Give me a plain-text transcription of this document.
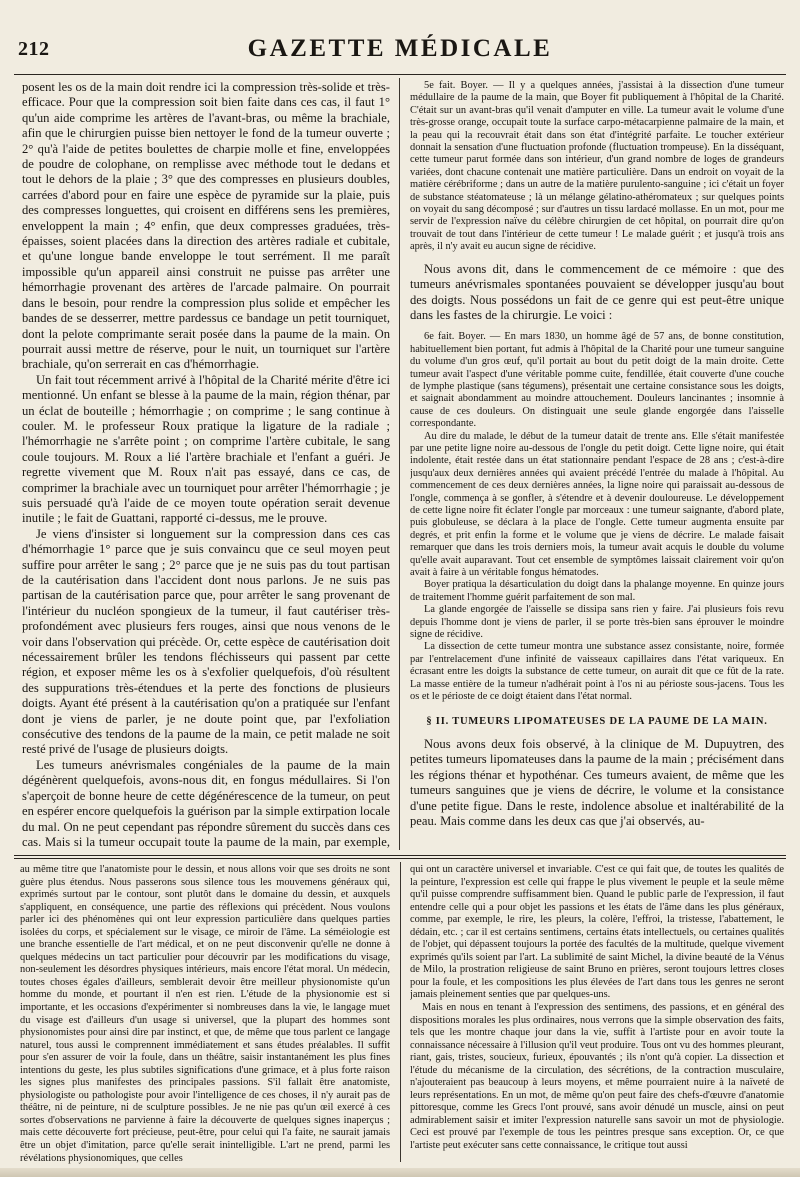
212	GAZETTE MÉDICALE

posent les os de la main doit rendre ici la compression très-solide et très-efficace. Pour que la compression soit bien faite dans ces cas, il faut 1° qu'un aide comprime les artères de l'avant-bras, ou même la brachiale, afin que le chirurgien puisse bien nettoyer le fond de la tumeur ouverte ; 2° qu'à l'aide de petites boulettes de charpie molle et fine, enveloppées de poudre de colophane, on remplisse avec méthode tout le dedans et tout le dehors de la plaie ; 3° que des compresses en plusieurs doubles, carrées d'abord pour en faire une espèce de pyramide sur la plaie, puis des compresses longuettes, qui croisent en différens sens les premières, enveloppent la main ; 4° enfin, que deux compresses graduées, très-épaisses, soient placées dans la direction des artères radiale et cubitale, et qu'une longue bande enveloppe le tout serrément. Il me paraît impossible qu'un appareil ainsi construit ne puisse pas arrêter une hémorrhagie provenant des artères de l'arcade palmaire. On pourrait dans le besoin, pour rendre la compression plus solide et empêcher les bandes de se desserrer, mettre pardessus ce bandage un petit tourniquet, dont la pelote comprimante serait posée dans la paume de la main. On pourrait aussi mettre de réserve, pour le nuit, un tourniquet sur l'artère brachiale, qu'on serrerait en cas d'hémorrhagie.

Un fait tout récemment arrivé à l'hôpital de la Charité mérite d'être ici mentionné. Un enfant se blesse à la paume de la main, région thénar, par un éclat de bouteille ; hémorrhagie ; on comprime ; le sang continue à couler. M. le professeur Roux pratique la ligature de la radiale ; l'hémorrhagie ne s'arrête point ; on comprime l'artère cubitale, le sang coule toujours. M. Roux a lié l'artère brachiale et l'enfant a guéri. Je regrette vivement que M. Roux n'ait pas essayé, dans ce cas, de comprimer la brachiale avec un tourniquet pour arrêter l'hémorrhagie ; je suis persuadé qu'à l'aide de ce moyen toute opération serait devenue inutile ; le fait de Guattani, rapporté ci-dessus, me le prouve.

Je viens d'insister si longuement sur la compression dans ces cas d'hémorrhagie 1° parce que je suis convaincu que ce seul moyen peut suffire pour arrêter le sang ; 2° parce que je ne suis pas du tout partisan de la cautérisation dans l'accident dont nous parlons. Je ne suis pas partisan de la cautérisation parce que, pour arrêter le sang provenant de l'intérieur du nucléon spongieux de la tumeur, il faut cautériser très-profondément avec plusieurs fers rouges, ainsi que nous venons de le voir dans l'observation qui précède. Or, cette espèce de cautérisation doit nécessairement brûler les tendons fléchisseurs qui passent par cette région, et exposer même les os à s'exfolier quelquefois, d'où résultent des suppurations très-étendues et la perte des fonctions de plusieurs doigts. Ayant été présent à la cautérisation qu'on a pratiquée sur l'enfant dont je viens de parler, je ne doute point que, par l'exfoliation consécutive des tendons de la paume de la main, ce petit malade ne soit resté privé de l'usage de plusieurs doigts.

Les tumeurs anévrismales congéniales de la paume de la main dégénèrent quelquefois, avons-nous dit, en fongus médullaires. Si l'on s'aperçoit de bonne heure de cette dégénérescence de la tumeur, on peut en espérer encore quelquefois la guérison par la simple extirpation locale du mal. On ne peut cependant pas répondre sûrement du succès dans ces cas. Mais si la tumeur occupait toute la paume de la main, par exemple,

5e fait. Boyer. — Il y a quelques années, j'assistai à la dissection d'une tumeur médullaire de la paume de la main, que Boyer fit publiquement à l'hôpital de la Charité. C'était sur un avant-bras qu'il venait d'amputer en ville. La tumeur avait le volume d'une très-grosse orange, occupait toute la surface carpo-métacarpienne palmaire de la main, et la peau qui la recouvrait était dans son état d'intégrité parfaite. Le toucher extérieur donnait la sensation d'une fluctuation profonde (fluctuation trompeuse). En la disséquant, cette tumeur parut formée dans son intérieur, d'un grand nombre de loges de grandeurs variées, dont chacune contenait une matière particulière. Dans un endroit on voyait de la matière cérébriforme ; dans un autre de la matière purulento-sanguine ; ici c'était un foyer de substance stéatomateuse ; là un mélange gélatino-athéromateux ; sur quelques points on voyait du sang décomposé ; sur d'autres un tissu lardacé mollasse. En un mot, pour me servir de l'expression naïve du célèbre chirurgien de cet hôpital, on pourrait dire qu'on trouvait de tout dans l'intérieur de cette tumeur ! Le malade guérit ; et jusqu'à trois ans après, il n'y avait eu aucun signe de récidive.

Nous avons dit, dans le commencement de ce mémoire : que des tumeurs anévrismales spontanées pouvaient se développer jusqu'au bout des doigts. Nous possédons un fait de ce genre qui est peut-être unique dans les fastes de la chirurgie. Le voici :

6e fait. Boyer. — En mars 1830, un homme âgé de 57 ans, de bonne constitution, habituellement bien portant, fut admis à l'hôpital de la Charité pour une tumeur sanguine du volume d'un gros œuf, qu'il portait au bout du petit doigt de la main droite. Cette tumeur avait l'aspect d'une véritable pomme cuite, fendillée, était couverte d'une couche de lymphe plastique (sans tégumens), présentait une certaine consistance sous les doigts, et saignait abondamment au moindre attouchement. Douleurs lancinantes ; insomnie à cause de ces douleurs. On distinguait une seule glande engorgée dans l'aisselle correspondante.

Au dire du malade, le début de la tumeur datait de trente ans. Elle s'était manifestée par une petite ligne noire au-dessous de l'ongle du petit doigt. Cette ligne noire, qui était indolente, était restée dans un état stationnaire pendant l'espace de 28 ans ; c'est-à-dire jusqu'aux deux dernières années qui avaient précédé l'entrée du malade à l'hôpital. Au commencement de ces deux dernières années, la ligne noire qui paraissait au-dessous de l'ongle, commença à se gonfler, à s'étendre et à devenir douloureuse. Le développement de cette ligne noire fit éclater l'ongle par morceaux : une tumeur saignante, d'abord plate, puis globuleuse, se déclara à la place de l'ongle. Cette tumeur augmenta ensuite par degrés, et prit enfin la forme et le volume que je viens de décrire. Le malade faisait remarquer que dans les trois derniers mois, la tumeur avait acquis le double du volume qu'elle avait auparavant. Tout cet ensemble de symptômes laissait clairement voir qu'on avait à faire à un véritable fongus hématodes.

Boyer pratiqua la désarticulation du doigt dans la phalange moyenne. En quinze jours de traitement l'homme guérit parfaitement de son mal.

La glande engorgée de l'aisselle se dissipa sans rien y faire. J'ai plusieurs fois revu depuis l'homme dont je viens de parler, il se porte très-bien sans éprouver le moindre signe de récidive.

La dissection de cette tumeur montra une substance assez consistante, noire, formée par l'entrelacement d'une infinité de vaisseaux capillaires dans l'état variqueux. En écrasant entre les doigts la substance de cette tumeur, on aurait dit que ce fût de la rate. La masse entière de la tumeur n'adhérait point à l'os ni au périoste sous-jacens. Tous les os et le périoste de ce doigt étaient dans l'état normal.

§ II. TUMEURS LIPOMATEUSES DE LA PAUME DE LA MAIN.

Nous avons deux fois observé, à la clinique de M. Dupuytren, des petites tumeurs lipomateuses dans la paume de la main ; précisément dans les régions thénar et hypothénar. Ces tumeurs avaient, de même que les tumeurs sanguines que je viens de décrire, le volume et la consistance d'une petite figue. Dans le reste, indolence absolue et inaltérabilité de la peau. Mais comme dans les deux cas que j'ai observés, au-

au même titre que l'anatomiste pour le dessin, et nous allons voir que ses droits ne sont guère plus étendus. Nous passerons sous silence tous les mouvemens généraux qui, exprimés surtout par le contour, sont plutôt dans le domaine du dessin, et auxquels s'appliquent, en conséquence, une partie des réflexions qui précèdent. Nous voulons parler ici des phénomènes qui ont leur expression particulière dans quelques parties isolées du corps, et spécialement sur le visage, ce miroir de l'âme. La séméiologie est une branche essentielle de l'art médical, et on ne peut disconvenir qu'elle ne donne à quelques médecins un tact particulier pour découvrir par les modifications du visage, non-seulement les désordres physiques intérieurs, mais encore l'état moral. Un médecin, toutes choses égales d'ailleurs, semblerait devoir être meilleur physionomiste qu'un homme du monde, et pourtant il n'en est rien. L'étude de la physionomie est si importante, et les occasions d'expérimenter si nombreuses dans la vie, le langage muet du visage est d'ailleurs d'un usage si universel, que la plupart des hommes sont physionomistes pour ainsi dire par instinct, et que, de même que tous parlent ce langage naturel, tous aussi le comprennent immédiatement et sans études préalables. Il suffit pour s'en assurer de voir la foule, dans un théâtre, saisir instantanément les plus fines intentions du geste, les plus subtiles significations d'une grimace, et à plus forte raison les signes plus manifestes des principales passions. S'il fallait être anatomiste, physiologiste ou pathologiste pour avoir l'intelligence de ces choses, il n'y aurait pas de théâtre, ni de peinture, ni de sculpture possibles. Je ne nie pas qu'un œil exercé à ces sortes d'observations ne parvienne à faire la découverte de quelques signes inaperçus ; mais cette découverte fort précieuse, peut-être, pour celui qui l'a faite, ne saurait jamais être un objet d'imitation, parce qu'elle serait inintelligible. L'art ne prend, parmi les révélations physionomiques, que celles

qui ont un caractère universel et invariable. C'est ce qui fait que, de toutes les qualités de la peinture, l'expression est celle qui frappe le plus vivement le peuple et la seule même qu'il puisse comprendre suffisamment bien. Quand le public parle de l'expression, il faut entendre celle qui a pour objet les passions et les états de l'âme dans les plus généraux, comme, par exemple, le rire, les pleurs, la colère, l'effroi, la tristesse, l'abattement, le dédain, etc. ; car il est certains sentimens, certains états intellectuels, ou certaines qualités de l'objet, qui dépassent toujours la portée des facultés de la multitude, quelque vivement exprimés qu'ils soient par l'art. La sublimité de saint Michel, la divine beauté de la Vénus de Milo, la prostration religieuse de saint Bruno en prières, seront toujours lettres closes pour la foule, et les compositions les plus élevées de l'art dans tous les genres ne seront jamais pleinement senties que par quelques-uns.

Mais en nous en tenant à l'expression des sentimens, des passions, et en général des dispositions morales les plus ordinaires, nous verrons que la simple observation des faits, tels que les montre chaque jour dans la vie, suffit à l'artiste pour en avoir toute la connaissance nécessaire à l'illusion qu'il veut produire. Tous ont vu des hommes pleurant, riant, gais, tristes, soucieux, furieux, épouvantés ; ils n'ont qu'à copier. La dissection et l'étude du mécanisme de la circulation, des sécrétions, de la contraction musculaire, n'ajouteraient pas beaucoup à leurs moyens, et même pourraient nuire à la naïveté de leurs représentations. En un mot, de même qu'on peut faire des chefs-d'œuvre d'anatomie pittoresque, comme les Grecs l'ont prouvé, sans avoir dénudé un muscle, ainsi on peut admirablement saisir et imiter l'expression naturelle sans savoir un mot de physiologie. Ceci est prouvé par l'exemple de tous les peintres presque sans exception. Or, ce que l'artiste peut exécuter sans cette connaissance, le critique tout aussi
